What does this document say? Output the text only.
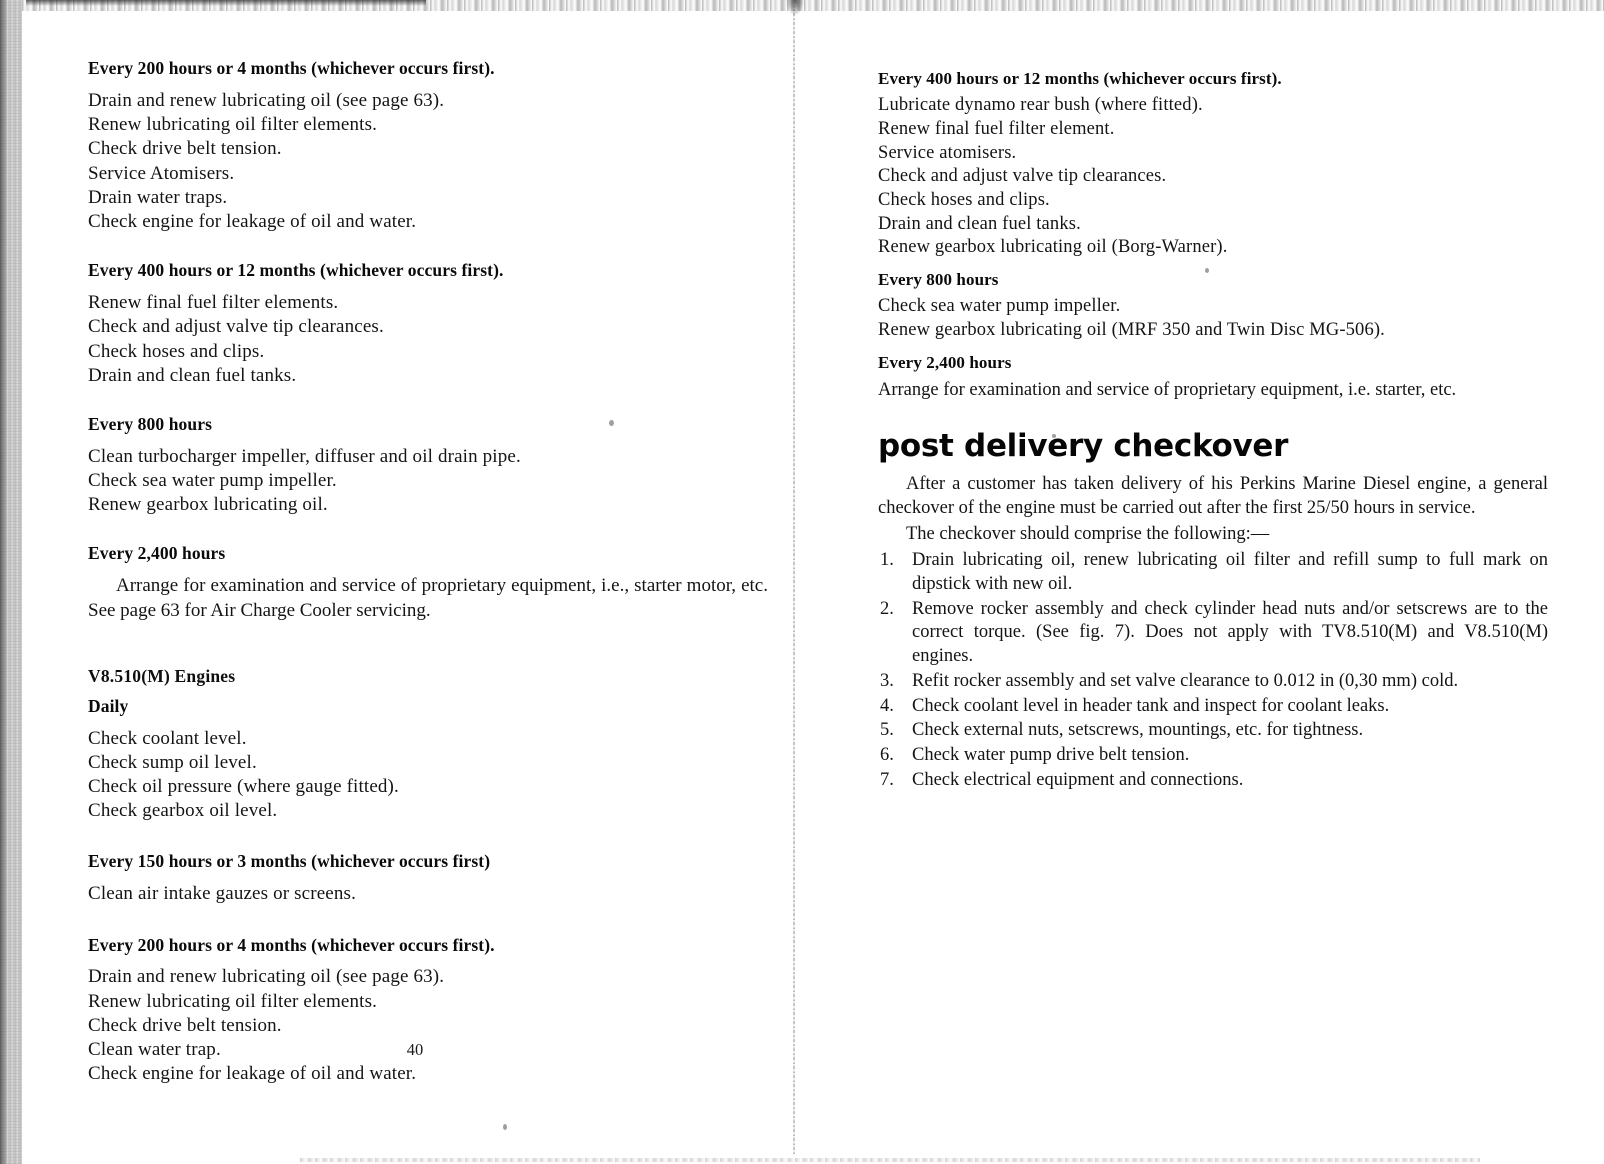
Every 200 hours or 4 months (whichever occurs first).

Drain and renew lubricating oil (see page 63).

Renew lubricating oil filter elements.

Check drive belt tension.

Service Atomisers.

Drain water traps.

Check engine for leakage of oil and water.

Every 400 hours or 12 months (whichever occurs first).

Renew final fuel filter elements.

Check and adjust valve tip clearances.

Check hoses and clips.

Drain and clean fuel tanks.

Every 800 hours

Clean turbocharger impeller, diffuser and oil drain pipe.

Check sea water pump impeller.

Renew gearbox lubricating oil.

Every 2,400 hours

Arrange for examination and service of proprietary equipment, i.e., starter motor, etc. See page 63 for Air Charge Cooler servicing.

V8.510(M) Engines
Daily

Check coolant level.

Check sump oil level.

Check oil pressure (where gauge fitted).

Check gearbox oil level.

Every 150 hours or 3 months (whichever occurs first)

Clean air intake gauzes or screens.

Every 200 hours or 4 months (whichever occurs first).

Drain and renew lubricating oil (see page 63).

Renew lubricating oil filter elements.

Check drive belt tension.

Clean water trap.

Check engine for leakage of oil and water.

40
Every 400 hours or 12 months (whichever occurs first).

Lubricate dynamo rear bush (where fitted).

Renew final fuel filter element.

Service atomisers.

Check and adjust valve tip clearances.

Check hoses and clips.

Drain and clean fuel tanks.

Renew gearbox lubricating oil (Borg-Warner).

Every 800 hours

Check sea water pump impeller.

Renew gearbox lubricating oil (MRF 350 and Twin Disc MG-506).

Every 2,400 hours

Arrange for examination and service of proprietary equipment, i.e. starter, etc.

post delivery checkover

After a customer has taken delivery of his Perkins Marine Diesel engine, a general checkover of the engine must be carried out after the first 25/50 hours in service.

The checkover should comprise the following:—

Drain lubricating oil, renew lubricating oil filter and refill sump to full mark on dipstick with new oil.
Remove rocker assembly and check cylinder head nuts and/or setscrews are to the correct torque. (See fig. 7). Does not apply with TV8.510(M) and V8.510(M) engines.
Refit rocker assembly and set valve clearance to 0.012 in (0,30 mm) cold.
Check coolant level in header tank and inspect for coolant leaks.
Check external nuts, setscrews, mountings, etc. for tightness.
Check water pump drive belt tension.
Check electrical equipment and connections.
